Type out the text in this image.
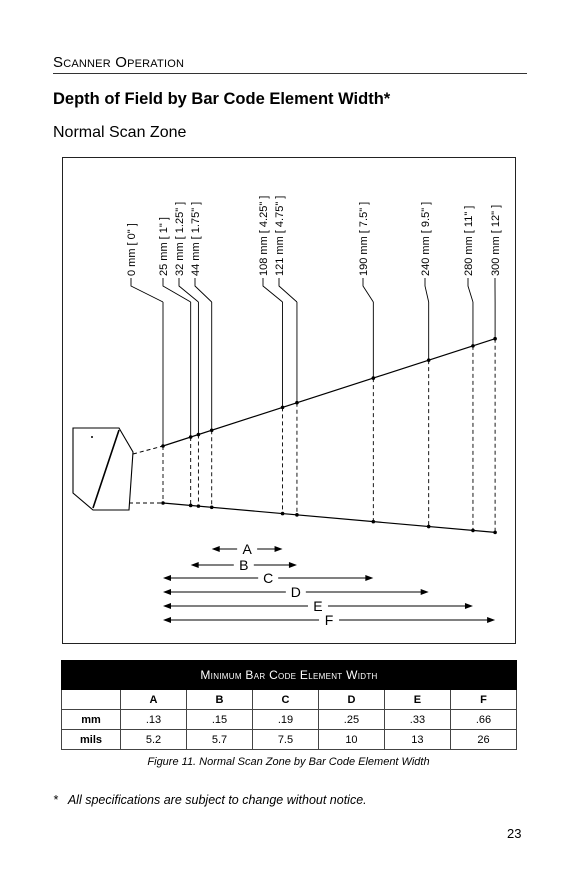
Scanner Operation
Depth of Field by Bar Code Element Width*
Normal Scan Zone
A
B
C
D
E
F
0 mm [ 0" ] 25 mm [ 1" ] 32 mm [ 1.25" ] 44 mm [ 1.75" ]	108 mm [ 4.25" ] 121 mm [ 4.75" ]	190 mm [ 7.5" ]	240 mm [ 9.5" ]	280 mm [ 11" ] 300 mm [ 12" ]
Minimum Bar Code Element Width						
	A	B	C	D	E	F
mm	.13	.15	.19	.25	.33	.66
mils	5.2	5.7	7.5	10	13	26
Figure 11. Normal Scan Zone by Bar Code Element Width
* All specifications are subject to change without notice.
23
